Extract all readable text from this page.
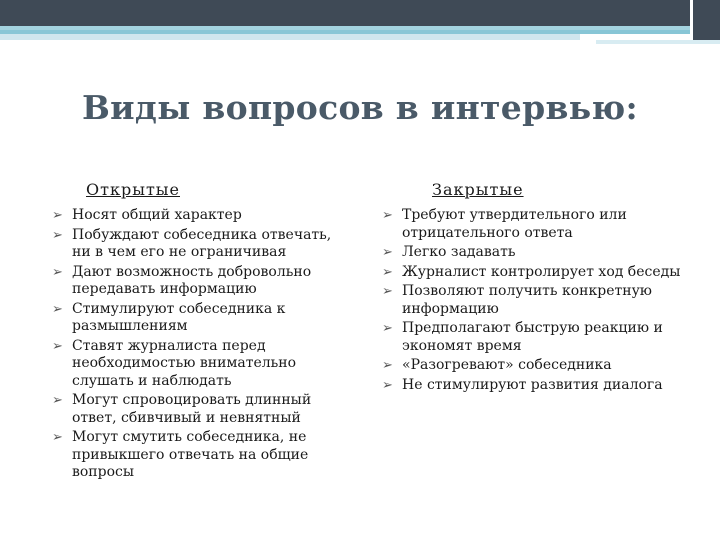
Виды вопросов в интервью:
Открытые
➢ Носят общий характер
➢ Побуждают собеседника отвечать, ни в чем его не ограничивая
➢ Дают возможность добровольно передавать информацию
➢ Стимулируют собеседника к размышлениям
➢ Ставят журналиста перед необходимостью внимательно слушать и наблюдать
➢ Могут спровоцировать длинный ответ, сбивчивый и невнятный
➢ Могут смутить собеседника, не привыкшего отвечать на общие вопросы
Закрытые
➢ Требуют утвердительного или отрицательного ответа
➢ Легко задавать
➢ Журналист контролирует ход беседы
➢ Позволяют получить конкретную информацию
➢ Предполагают быструю реакцию и экономят время
➢ «Разогревают» собеседника
➢ Не стимулируют развития диалога
